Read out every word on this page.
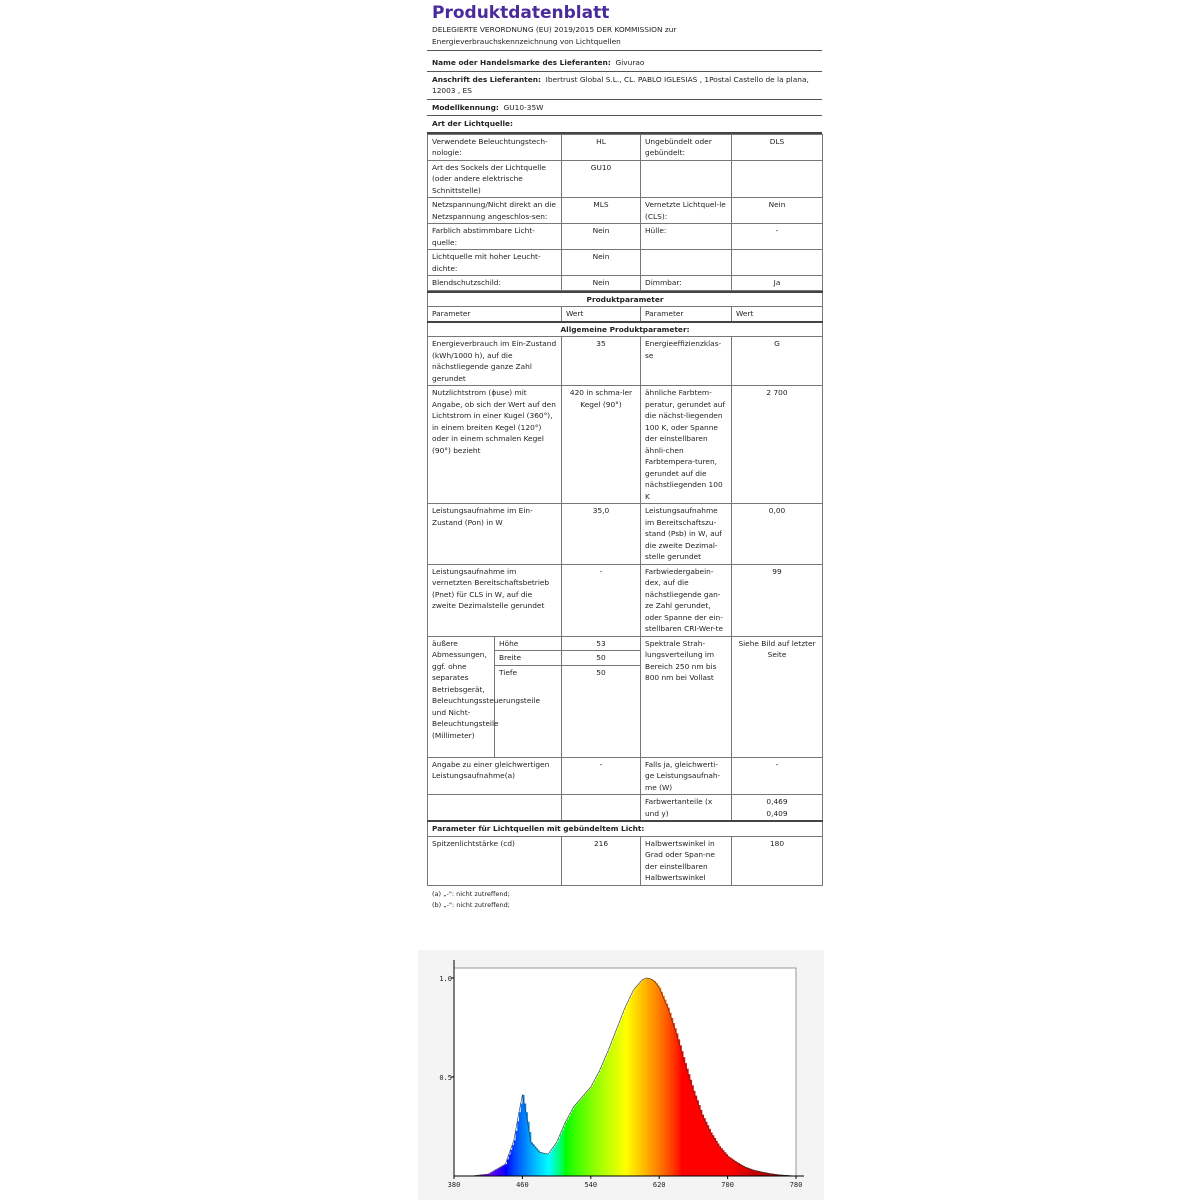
Produktdatenblatt
DELEGIERTE VERORDNUNG (EU) 2019/2015 DER KOMMISSION zur
Energieverbrauchskennzeichnung von Lichtquellen
Name oder Handelsmarke des Lieferanten: Givurao
Anschrift des Lieferanten: Ibertrust Global S.L., CL. PABLO IGLESIAS , 1Postal Castello de la plana,
12003 , ES
Modellkennung: GU10-35W
Art der Lichtquelle:
Verwendete Beleuchtungstech-nologie:	HL	Ungebündelt oder gebündelt:	DLS
Art des Sockels der Lichtquelle (oder andere elektrische Schnittstelle)	GU10		
Netzspannung/Nicht direkt an die Netzspannung angeschlos-sen:	MLS	Vernetzte Lichtquel-le (CLS):	Nein
Farblich abstimmbare Licht-quelle:	Nein	Hülle:	-
Lichtquelle mit hoher Leucht-dichte:	Nein		
Blendschutzschild:	Nein	Dimmbar:	Ja
Produktparameter				
Parameter		Wert	Parameter	Wert
Allgemeine Produktparameter:				
Energieverbrauch im Ein-Zustand (kWh/1000 h), auf die nächstliegende ganze Zahl gerundet		35	Energieeffizienzklas-se	G
Nutzlichtstrom (ϕuse) mit Angabe, ob sich der Wert auf den Lichtstrom in einer Kugel (360°), in einem breiten Kegel (120°) oder in einem schmalen Kegel (90°) bezieht		420 in schma-ler Kegel (90°)	ähnliche Farbtem-peratur, gerundet auf die nächst-liegenden 100 K, oder Spanne der einstellbaren ähnli-chen Farbtempera-turen, gerundet auf die nächstliegenden 100 K	2 700
Leistungsaufnahme im Ein-Zustand (Pon) in W		35,0	Leistungsaufnahme im Bereitschaftszu-stand (Psb) in W, auf die zweite Dezimal-stelle gerundet	0,00
Leistungsaufnahme im vernetzten Bereitschaftsbetrieb (Pnet) für CLS in W, auf die zweite Dezimalstelle gerundet		-	Farbwiedergabein-dex, auf die nächstliegende gan-ze Zahl gerundet, oder Spanne der ein-stellbaren CRI-Wer-te	99
äußere Abmessungen, ggf. ohne separates Betriebsgerät, Beleuchtungssteuerungsteile und Nicht-Beleuchtungsteile (Millimeter)	Höhe	53	Spektrale Strah-lungsverteilung im Bereich 250 nm bis 800 nm bei Vollast	Siehe Bild auf letzter Seite
	Breite	50		
	Tiefe	50		
Angabe zu einer gleichwertigen Leistungsaufnahme(a)		-	Falls ja, gleichwerti-ge Leistungsaufnah-me (W)	-
			Farbwertanteile (x und y)	0,469
0,409
Parameter für Lichtquellen mit gebündeltem Licht:				
Spitzenlichtstärke (cd)		216	Halbwertswinkel in Grad oder Span-ne der einstellbaren Halbwertswinkel	180
(a) „-": nicht zutreffend;
(b) „-": nicht zutreffend;
380	460	540	620	700	780
1.0
0.5
